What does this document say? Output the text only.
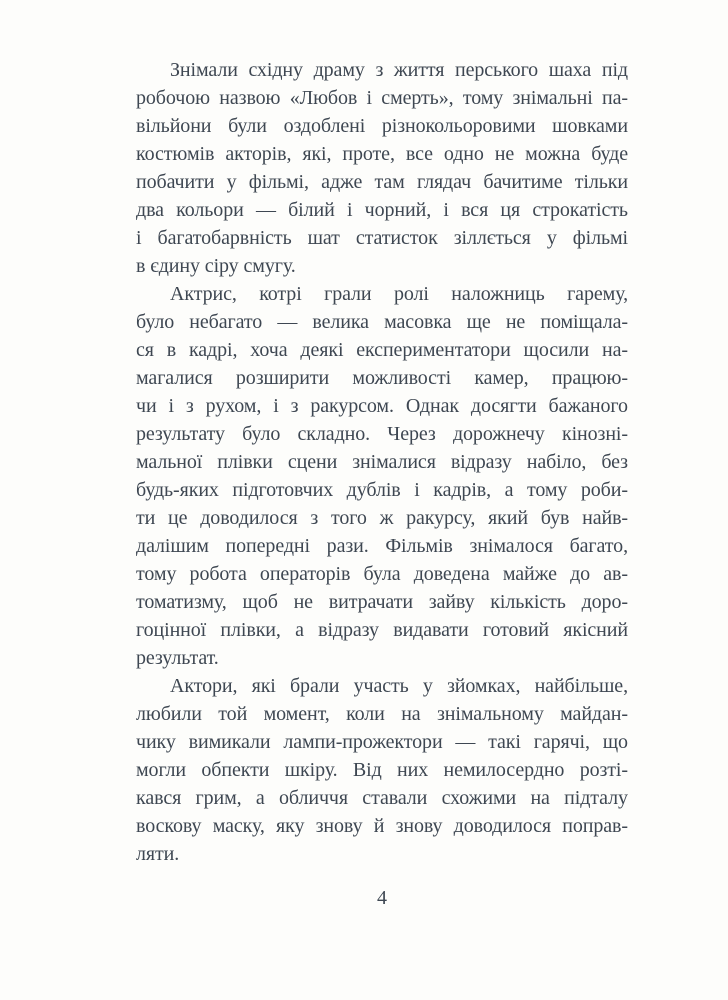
Знімали східну драму з життя перського шаха під
робочою назвою «Любов і смерть», тому знімальні па-
вільйони були оздоблені різнокольоровими шовками
костюмів акторів, які, проте, все одно не можна буде
побачити у фільмі, адже там глядач бачитиме тільки
два кольори — білий і чорний, і вся ця строкатість
і багатобарвність шат статисток зіллється у фільмі
в єдину сіру смугу.
Актрис, котрі грали ролі наложниць гарему,
було небагато — велика масовка ще не поміщала-
ся в кадрі, хоча деякі експериментатори щосили на-
магалися розширити можливості камер, працюю-
чи і з рухом, і з ракурсом. Однак досягти бажаного
результату було складно. Через дорожнечу кінозні-
мальної плівки сцени знімалися відразу набіло, без
будь-яких підготовчих дублів і кадрів, а тому роби-
ти це доводилося з того ж ракурсу, який був найв-
далішим попередні рази. Фільмів знімалося багато,
тому робота операторів була доведена майже до ав-
томатизму, щоб не витрачати зайву кількість доро-
гоцінної плівки, а відразу видавати готовий якісний
результат.
Актори, які брали участь у зйомках, найбільше,
любили той момент, коли на знімальному майдан-
чику вимикали лампи-прожектори — такі гарячі, що
могли обпекти шкіру. Від них немилосердно розті-
кався грим, а обличчя ставали схожими на підталу
воскову маску, яку знову й знову доводилося поправ-
ляти.
4
